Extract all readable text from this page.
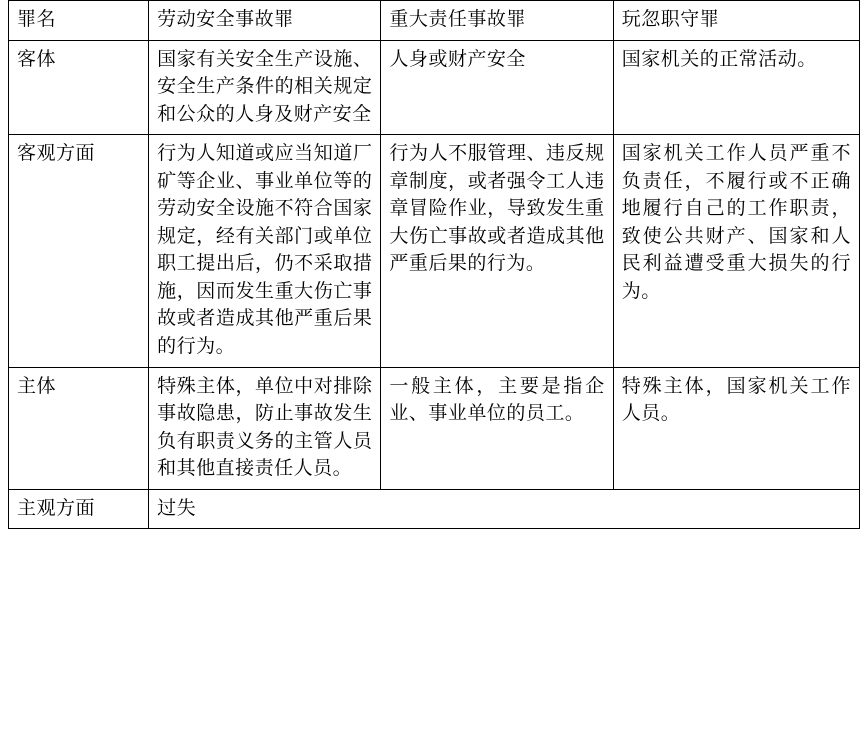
罪名	劳动安全事故罪	重大责任事故罪	玩忽职守罪
客体	国家有关安全生产设施、安全生产条件的相关规定和公众的人身及财产安全	人身或财产安全	国家机关的正常活动。
客观方面	行为人知道或应当知道厂矿等企业、事业单位等的劳动安全设施不符合国家规定，经有关部门或单位职工提出后，仍不采取措施，因而发生重大伤亡事故或者造成其他严重后果的行为。	行为人不服管理、违反规章制度，或者强令工人违章冒险作业，导致发生重大伤亡事故或者造成其他严重后果的行为。	国家机关工作人员严重不负责任，不履行或不正确地履行自己的工作职责，致使公共财产、国家和人民利益遭受重大损失的行为。
主体	特殊主体，单位中对排除事故隐患，防止事故发生负有职责义务的主管人员和其他直接责任人员。	一般主体，主要是指企业、事业单位的员工。	特殊主体，国家机关工作人员。
主观方面	过失		
